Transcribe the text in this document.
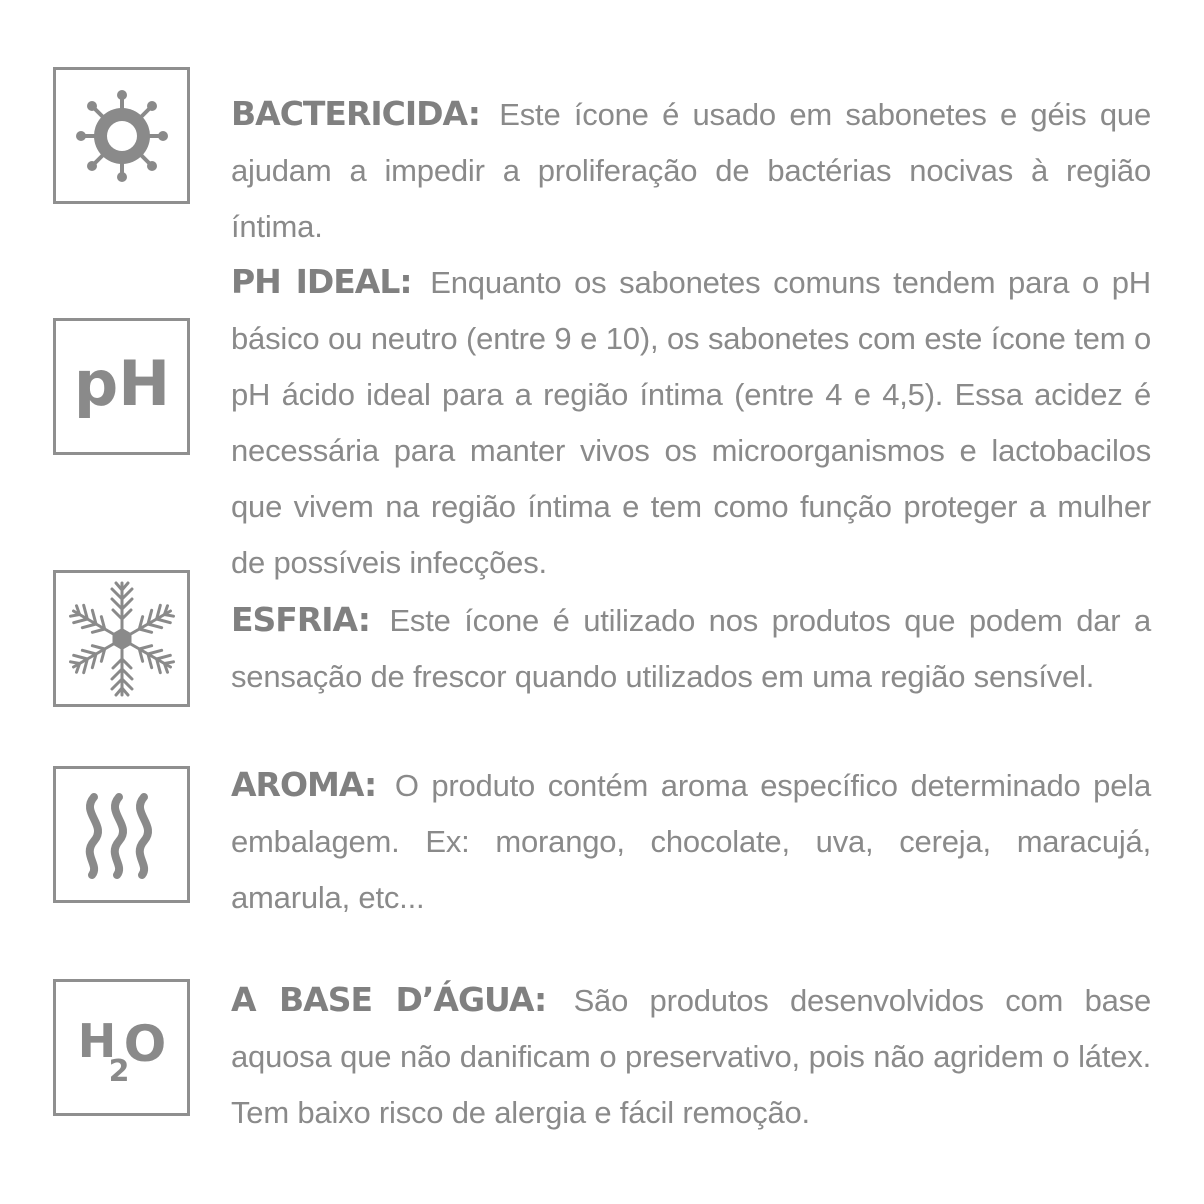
BACTERICIDA: Este ícone é usado em sabonetes e géis que ajudam a impedir a proliferação de bactérias nocivas à região íntima.

pH

PH IDEAL: Enquanto os sabonetes comuns tendem para o pH básico ou neutro (entre 9 e 10), os sabonetes com este ícone tem o pH ácido ideal para a região íntima (entre 4 e 4,5). Essa acidez é necessária para manter vivos os microorganismos e lactobacilos que vivem na região íntima e tem como função proteger a mulher de possíveis infecções.

ESFRIA: Este ícone é utilizado nos produtos que podem dar a sensação de frescor quando utilizados em uma região sensível.

AROMA: O produto contém aroma específico determinado pela embalagem. Ex: morango, chocolate, uva, cereja, maracujá, amarula, etc...

H
2
O

A BASE D’ÁGUA: São produtos desenvolvidos com base aquosa que não danificam o preservativo, pois não agridem o látex. Tem baixo risco de alergia e fácil remoção.
